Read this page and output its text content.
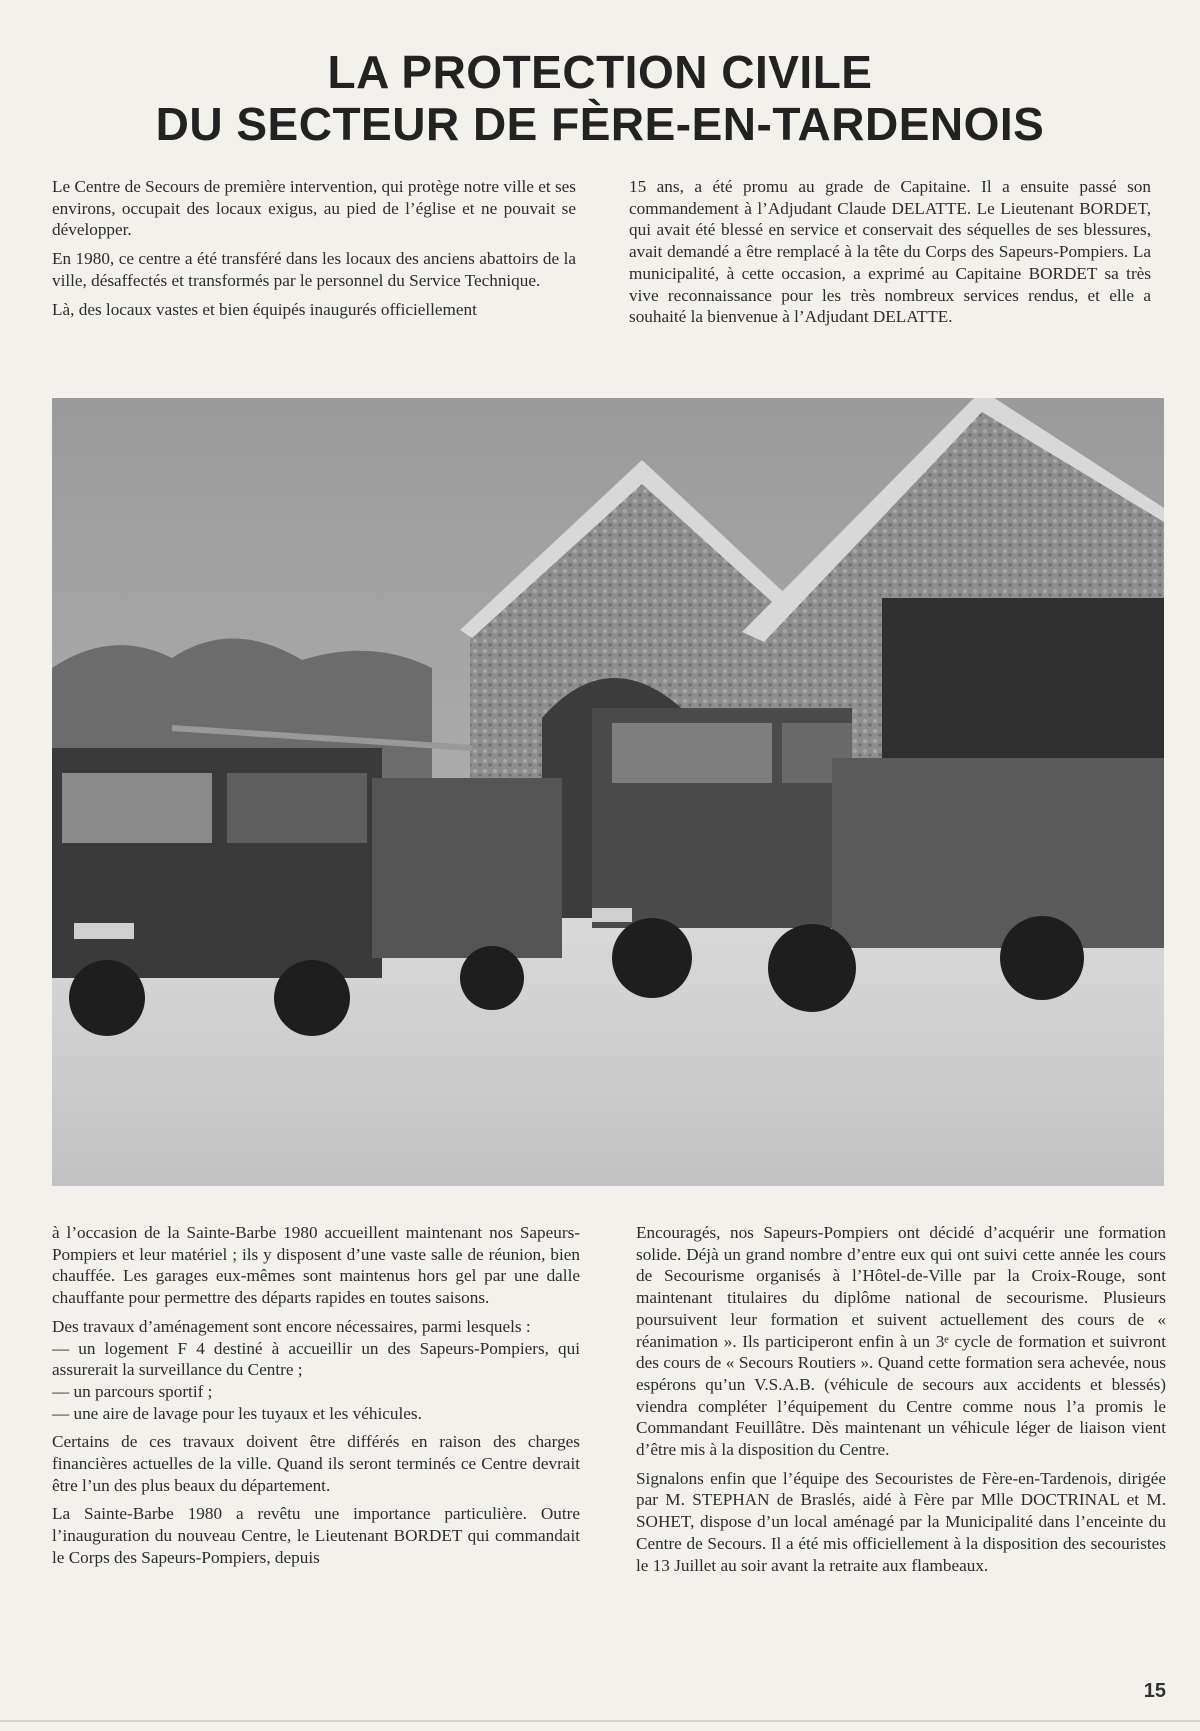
LA PROTECTION CIVILE
DU SECTEUR DE FÈRE-EN-TARDENOIS

Le Centre de Secours de première intervention, qui protège notre ville et ses environs, occupait des locaux exigus, au pied de l’église et ne pouvait se développer.

En 1980, ce centre a été transféré dans les locaux des anciens abattoirs de la ville, désaffectés et transformés par le personnel du Service Technique.

Là, des locaux vastes et bien équipés inaugurés officiellement

15 ans, a été promu au grade de Capitaine. Il a ensuite passé son commandement à l’Adjudant Claude DELATTE. Le Lieutenant BORDET, qui avait été blessé en service et conservait des séquelles de ses blessures, avait demandé a être remplacé à la tête du Corps des Sapeurs-Pompiers. La municipalité, à cette occasion, a exprimé au Capitaine BORDET sa très vive reconnaissance pour les très nombreux services rendus, et elle a souhaité la bienvenue à l’Adjudant DELATTE.

à l’occasion de la Sainte-Barbe 1980 accueillent maintenant nos Sapeurs-Pompiers et leur matériel ; ils y disposent d’une vaste salle de réunion, bien chauffée. Les garages eux-mêmes sont maintenus hors gel par une dalle chauffante pour permettre des départs rapides en toutes saisons.

Des travaux d’aménagement sont encore nécessaires, parmi lesquels :

— un logement F 4 destiné à accueillir un des Sapeurs-Pompiers, qui assurerait la surveillance du Centre ;
— un parcours sportif ;
— une aire de lavage pour les tuyaux et les véhicules.

Certains de ces travaux doivent être différés en raison des charges financières actuelles de la ville. Quand ils seront terminés ce Centre devrait être l’un des plus beaux du département.

La Sainte-Barbe 1980 a revêtu une importance particulière. Outre l’inauguration du nouveau Centre, le Lieutenant BORDET qui commandait le Corps des Sapeurs-Pompiers, depuis

Encouragés, nos Sapeurs-Pompiers ont décidé d’acquérir une formation solide. Déjà un grand nombre d’entre eux qui ont suivi cette année les cours de Secourisme organisés à l’Hôtel-de-Ville par la Croix-Rouge, sont maintenant titulaires du diplôme national de secourisme. Plusieurs poursuivent leur formation et suivent actuellement des cours de « réanimation ». Ils participeront enfin à un 3ᵉ cycle de formation et suivront des cours de « Secours Routiers ». Quand cette formation sera achevée, nous espérons qu’un V.S.A.B. (véhicule de secours aux accidents et blessés) viendra compléter l’équipement du Centre comme nous l’a promis le Commandant Feuillâtre. Dès maintenant un véhicule léger de liaison vient d’être mis à la disposition du Centre.

Signalons enfin que l’équipe des Secouristes de Fère-en-Tardenois, dirigée par M. STEPHAN de Braslés, aidé à Fère par Mlle DOCTRINAL et M. SOHET, dispose d’un local aménagé par la Municipalité dans l’enceinte du Centre de Secours. Il a été mis officiellement à la disposition des secouristes le 13 Juillet au soir avant la retraite aux flambeaux.

15
